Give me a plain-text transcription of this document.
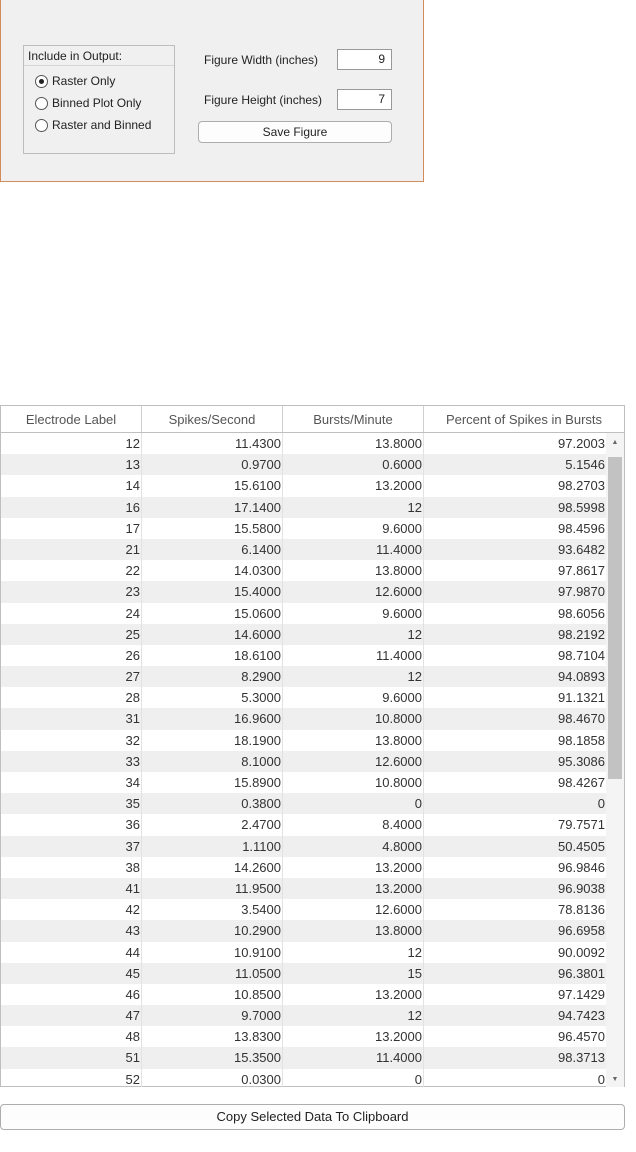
Include in Output:
Raster Only
Binned Plot Only
Raster and Binned
Figure Width (inches)	9
Figure Height (inches)	7
Save Figure
Electrode Label	Spikes/Second	Bursts/Minute	Percent of Spikes in Bursts
12	11.4300	13.8000	97.2003
13	0.9700	0.6000	5.1546
14	15.6100	13.2000	98.2703
16	17.1400	12	98.5998
17	15.5800	9.6000	98.4596
21	6.1400	11.4000	93.6482
22	14.0300	13.8000	97.8617
23	15.4000	12.6000	97.9870
24	15.0600	9.6000	98.6056
25	14.6000	12	98.2192
26	18.6100	11.4000	98.7104
27	8.2900	12	94.0893
28	5.3000	9.6000	91.1321
31	16.9600	10.8000	98.4670
32	18.1900	13.8000	98.1858
33	8.1000	12.6000	95.3086
34	15.8900	10.8000	98.4267
35	0.3800	0	0
36	2.4700	8.4000	79.7571
37	1.1100	4.8000	50.4505
38	14.2600	13.2000	96.9846
41	11.9500	13.2000	96.9038
42	3.5400	12.6000	78.8136
43	10.2900	13.8000	96.6958
44	10.9100	12	90.0092
45	11.0500	15	96.3801
46	10.8500	13.2000	97.1429
47	9.7000	12	94.7423
48	13.8300	13.2000	96.4570
51	15.3500	11.4000	98.3713
52	0.0300	0	0
▲
▼
Copy Selected Data To Clipboard
